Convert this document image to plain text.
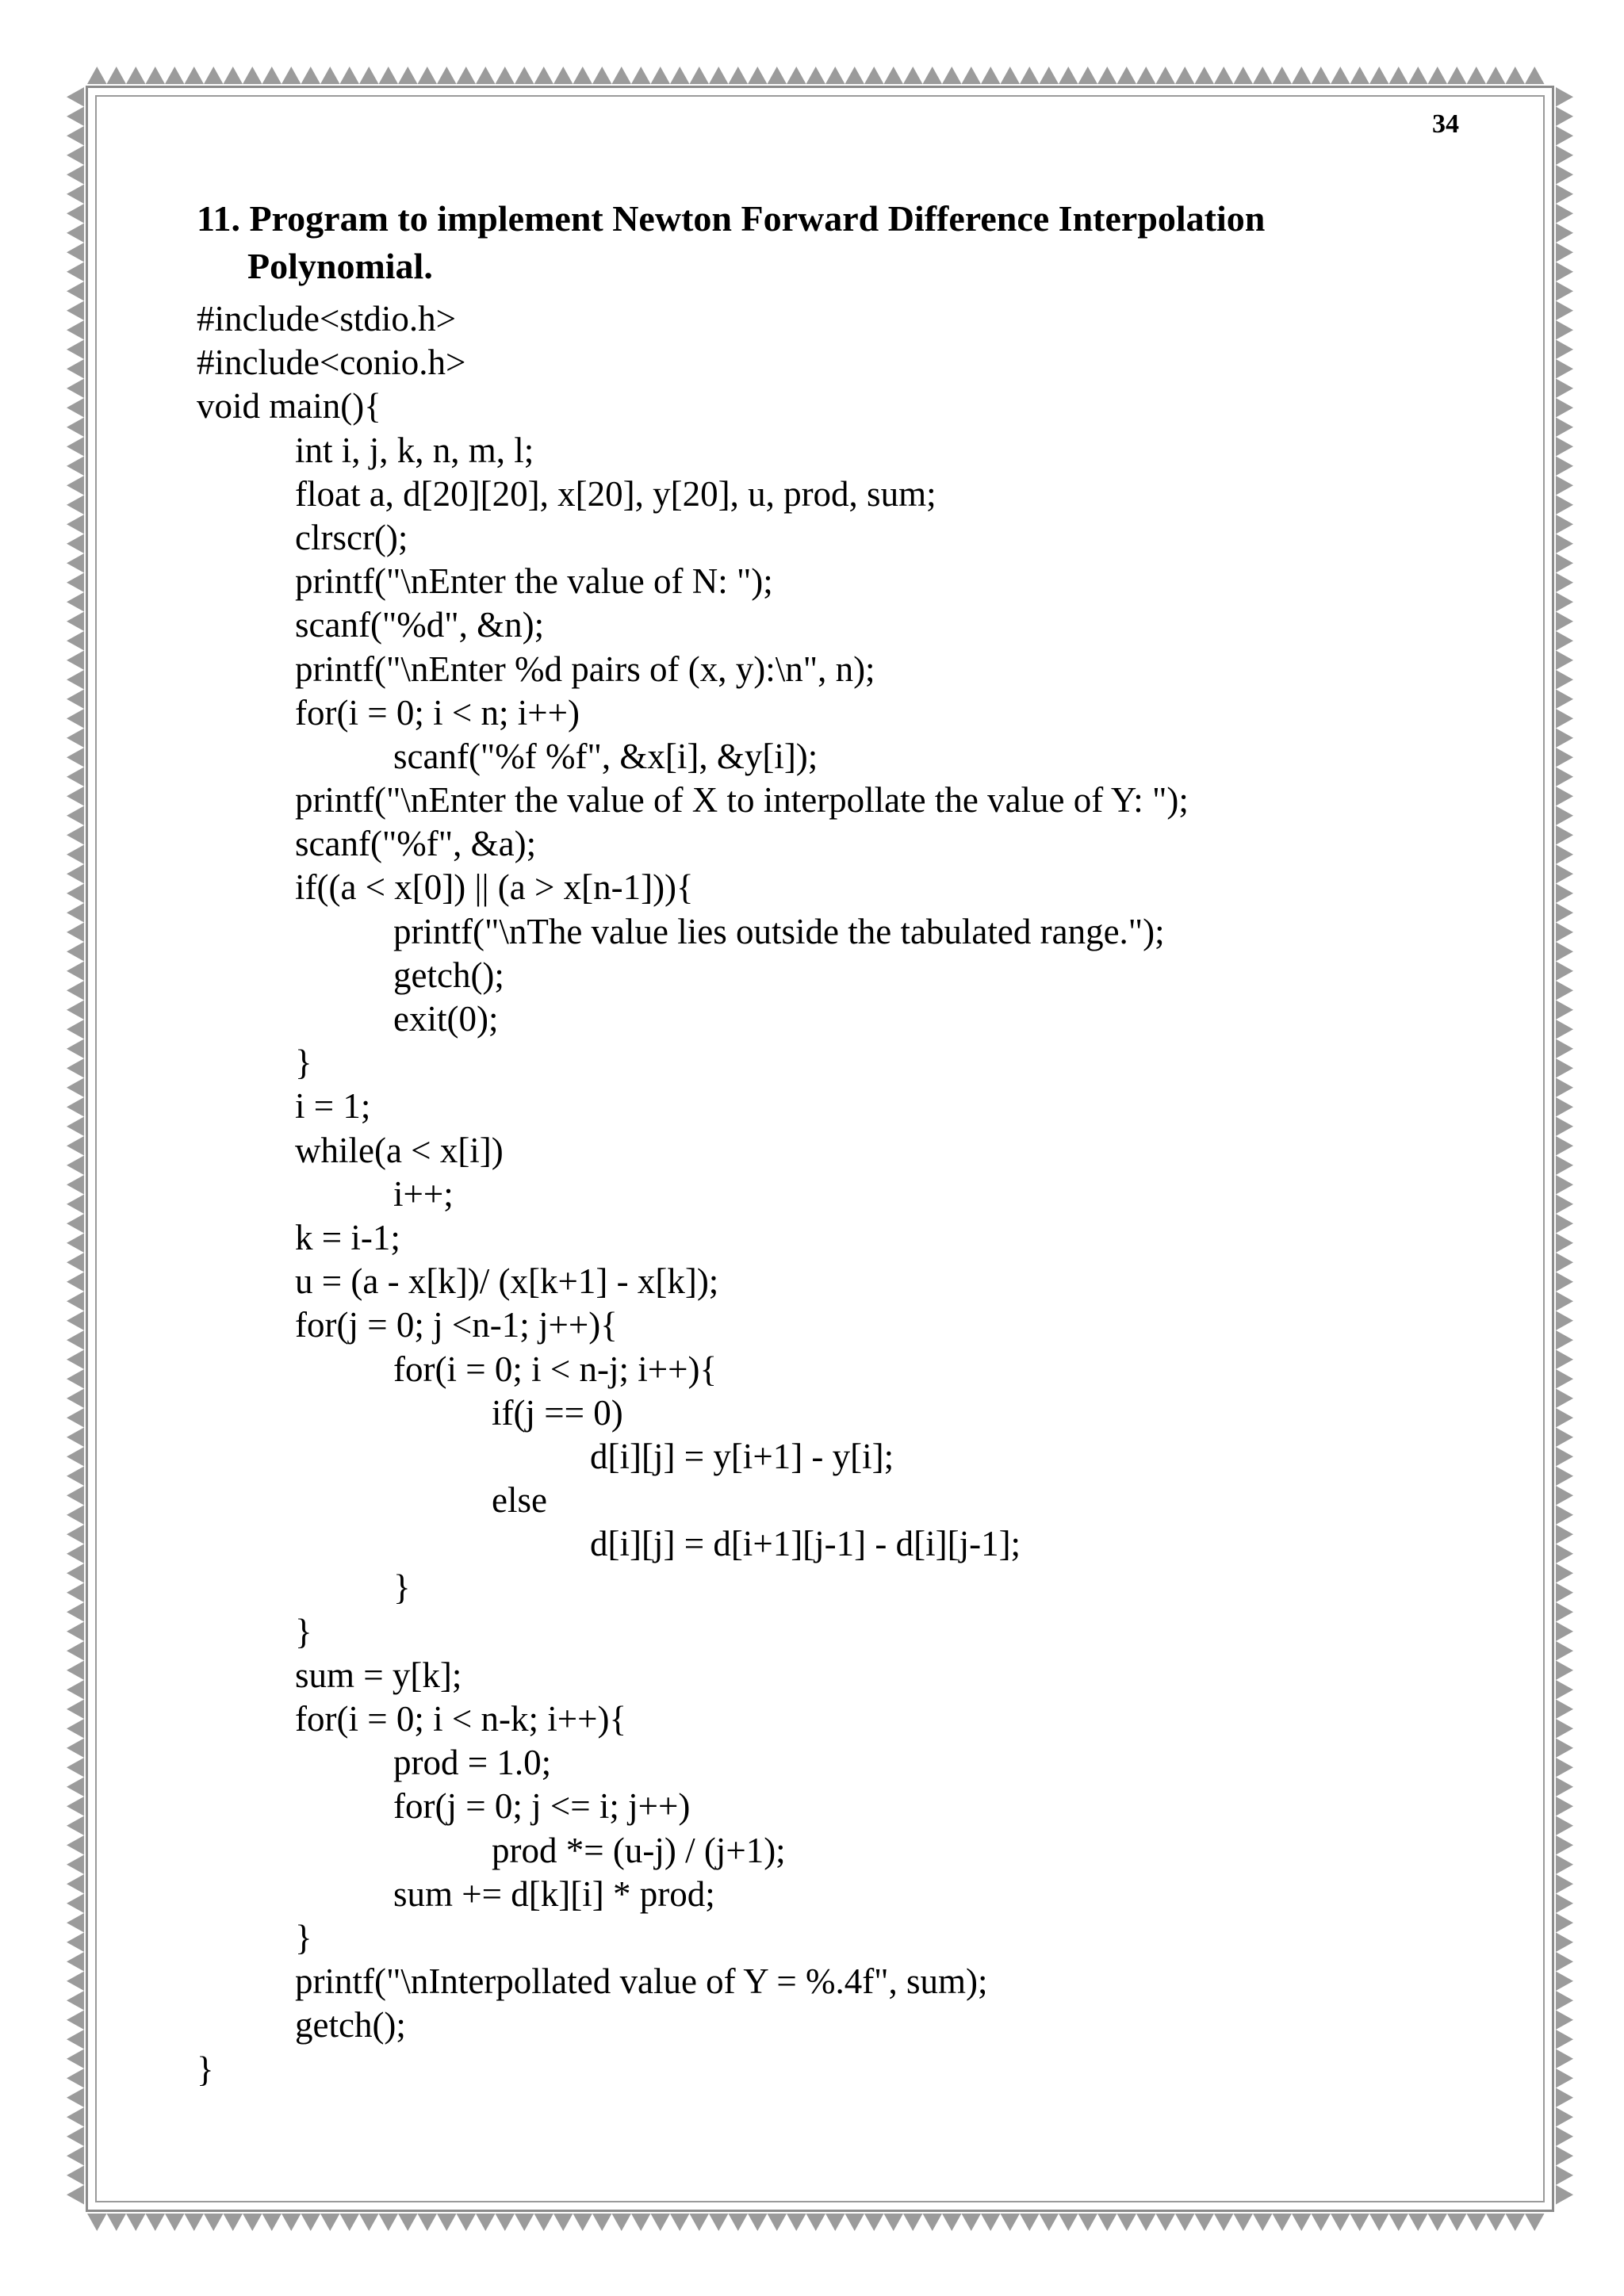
34
11. Program to implement Newton Forward Difference Interpolation
Polynomial.
#include<stdio.h>
#include<conio.h>
void main(){
int i, j, k, n, m, l;
float a, d[20][20], x[20], y[20], u, prod, sum;
clrscr();
printf("\nEnter the value of N: ");
scanf("%d", &n);
printf("\nEnter %d pairs of (x, y):\n", n);
for(i = 0; i < n; i++)
scanf("%f %f", &x[i], &y[i]);
printf("\nEnter the value of X to interpollate the value of Y: ");
scanf("%f", &a);
if((a < x[0]) || (a > x[n-1])){
printf("\nThe value lies outside the tabulated range.");
getch();
exit(0);
}
i = 1;
while(a < x[i])
i++;
k = i-1;
u = (a - x[k])/ (x[k+1] - x[k]);
for(j = 0; j <n-1; j++){
for(i = 0; i < n-j; i++){
if(j == 0)
d[i][j] = y[i+1] - y[i];
else
d[i][j] = d[i+1][j-1] - d[i][j-1];
}
}
sum = y[k];
for(i = 0; i < n-k; i++){
prod = 1.0;
for(j = 0; j <= i; j++)
prod *= (u-j) / (j+1);
sum += d[k][i] * prod;
}
printf("\nInterpollated value of Y = %.4f", sum);
getch();
}
